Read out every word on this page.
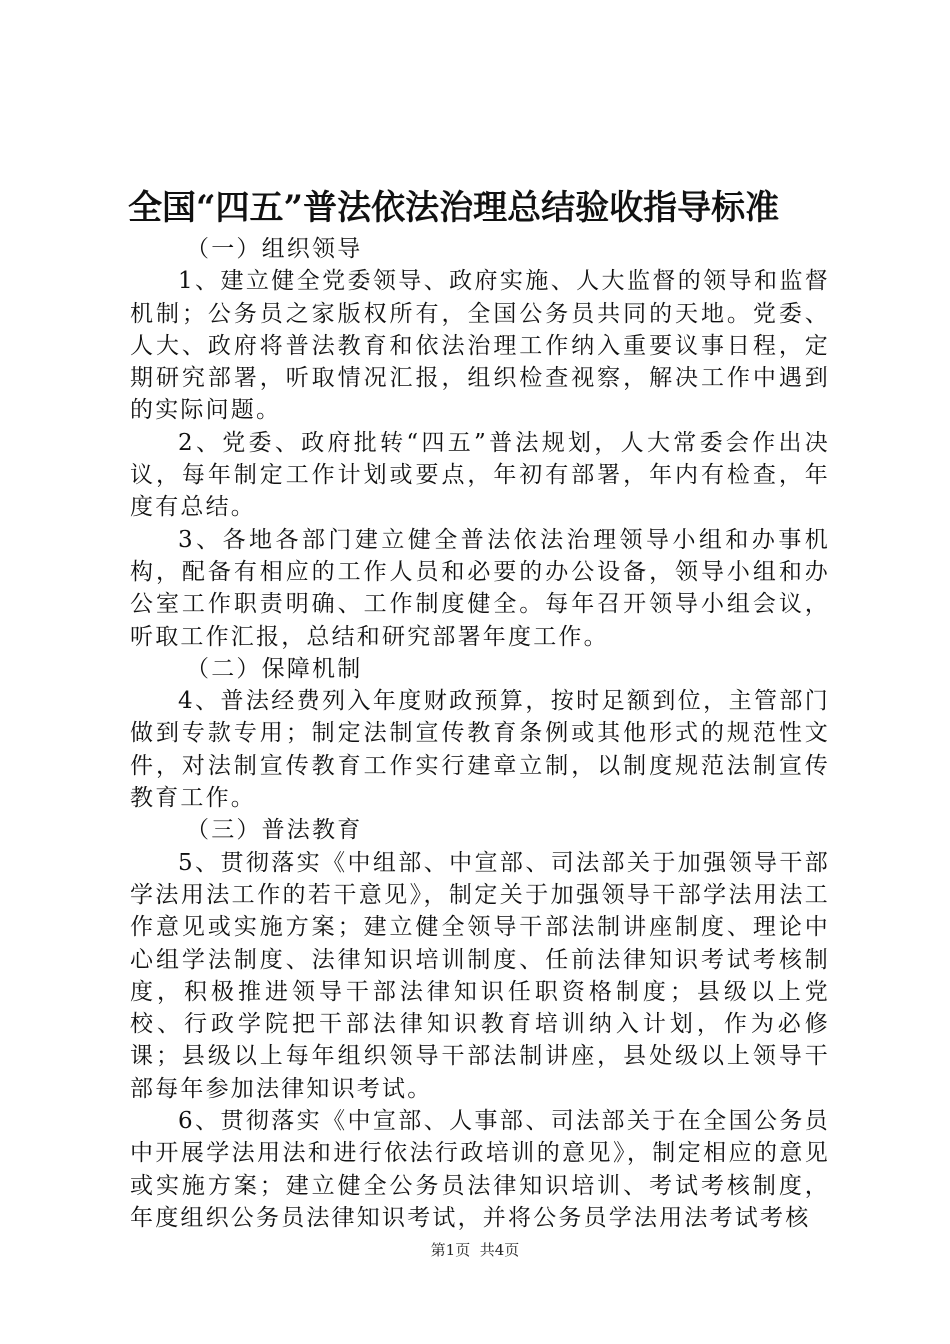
全国“四五”普法依法治理总结验收指导标准

（一）组织领导

1、建立健全党委领导、政府实施、人大监督的领导和监督机制；公务员之家版权所有，全国公务员共同的天地。党委、人大、政府将普法教育和依法治理工作纳入重要议事日程，定期研究部署，听取情况汇报，组织检查视察，解决工作中遇到的实际问题。

2、党委、政府批转“四五”普法规划，人大常委会作出决议，每年制定工作计划或要点，年初有部署，年内有检查，年度有总结。

3、各地各部门建立健全普法依法治理领导小组和办事机构，配备有相应的工作人员和必要的办公设备，领导小组和办公室工作职责明确、工作制度健全。每年召开领导小组会议，听取工作汇报，总结和研究部署年度工作。

（二）保障机制

4、普法经费列入年度财政预算，按时足额到位，主管部门做到专款专用；制定法制宣传教育条例或其他形式的规范性文件，对法制宣传教育工作实行建章立制，以制度规范法制宣传教育工作。

（三）普法教育

5、贯彻落实《中组部、中宣部、司法部关于加强领导干部学法用法工作的若干意见》，制定关于加强领导干部学法用法工作意见或实施方案；建立健全领导干部法制讲座制度、理论中心组学法制度、法律知识培训制度、任前法律知识考试考核制度，积极推进领导干部法律知识任职资格制度；县级以上党校、行政学院把干部法律知识教育培训纳入计划，作为必修课；县级以上每年组织领导干部法制讲座，县处级以上领导干部每年参加法律知识考试。

6、贯彻落实《中宣部、人事部、司法部关于在全国公务员中开展学法用法和进行依法行政培训的意见》，制定相应的意见或实施方案；建立健全公务员法律知识培训、考试考核制度，年度组织公务员法律知识考试，并将公务员学法用法考试考核

第1页 共4页
